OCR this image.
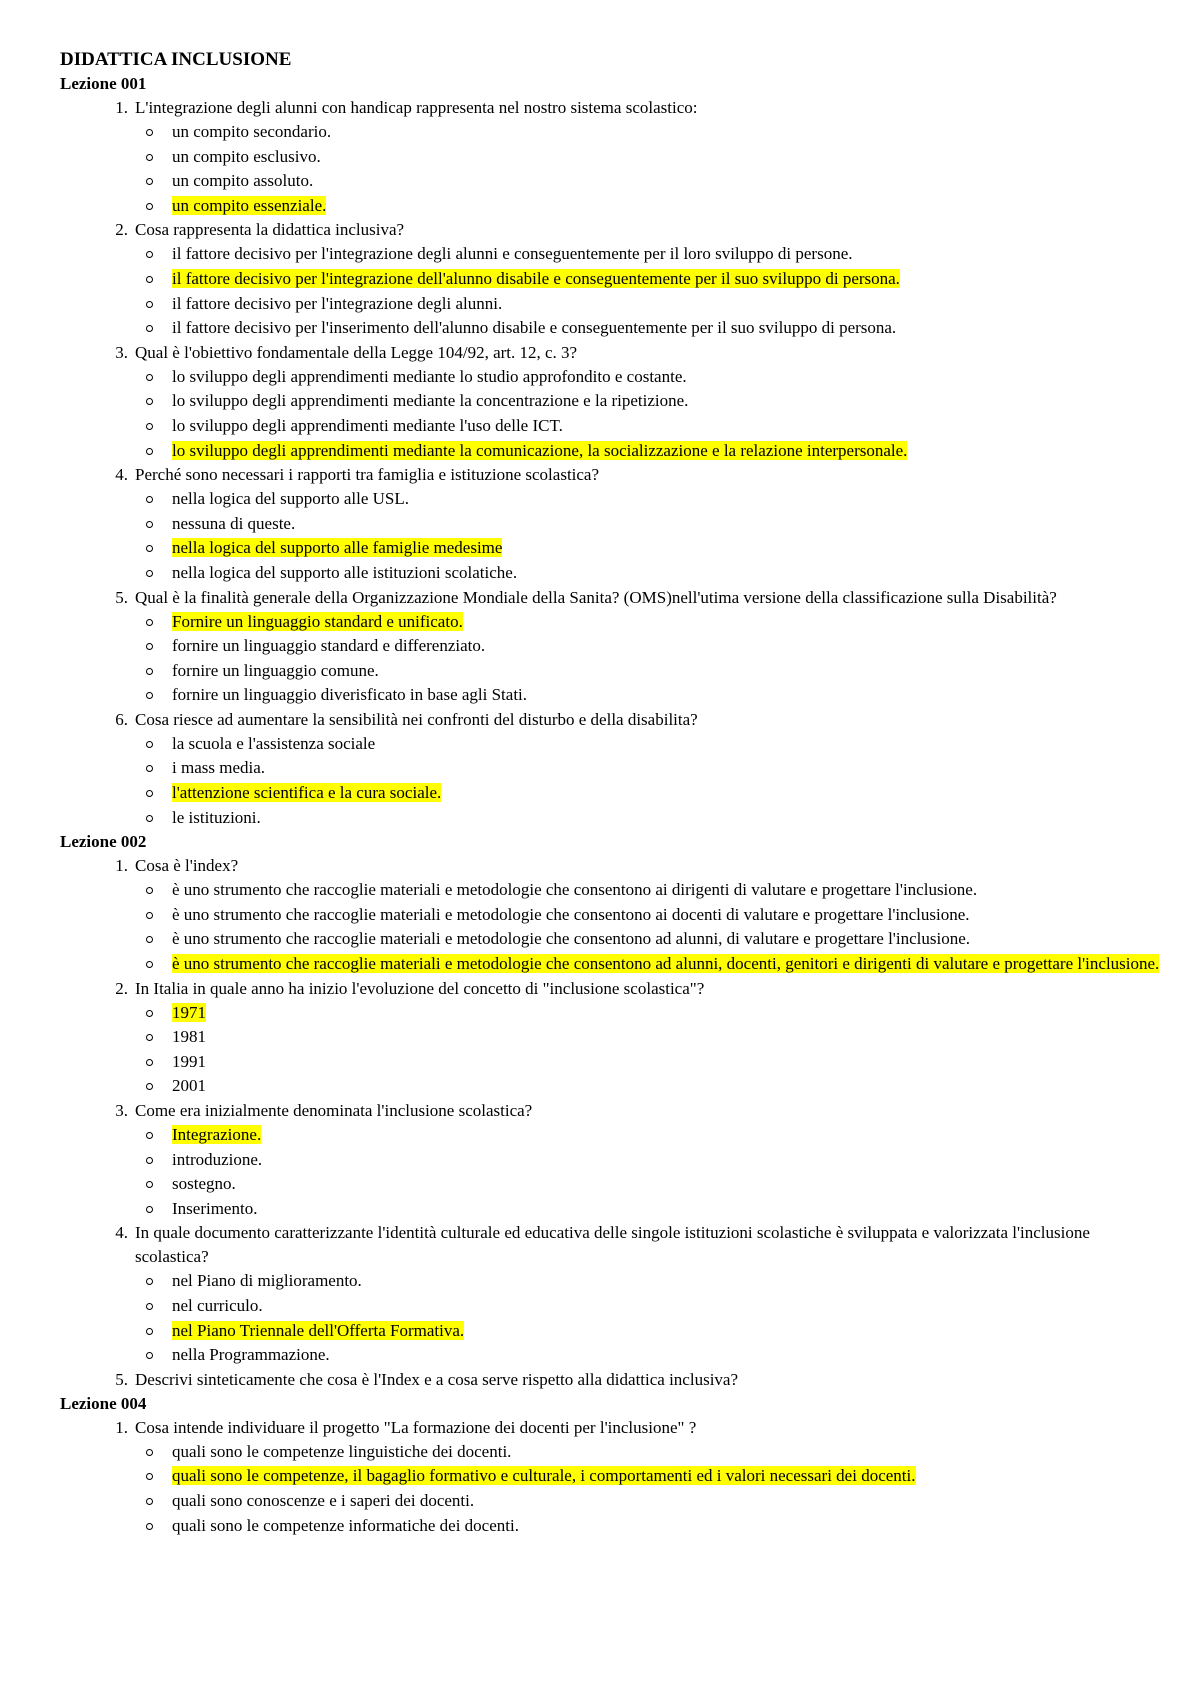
DIDATTICA INCLUSIONE
Lezione 001
1. L'integrazione degli alunni con handicap rappresenta nel nostro sistema scolastico:
un compito secondario.
un compito esclusivo.
un compito assoluto.
un compito essenziale.
2. Cosa rappresenta la didattica inclusiva?
il fattore decisivo per l'integrazione degli alunni e conseguentemente per il loro sviluppo di persone.
il fattore decisivo per l'integrazione dell'alunno disabile e conseguentemente per il suo sviluppo di persona.
il fattore decisivo per l'integrazione degli alunni.
il fattore decisivo per l'inserimento dell'alunno disabile e conseguentemente per il suo sviluppo di persona.
3. Qual è l'obiettivo fondamentale della Legge 104/92, art. 12, c. 3?
lo sviluppo degli apprendimenti mediante lo studio approfondito e costante.
lo sviluppo degli apprendimenti mediante la concentrazione e la ripetizione.
lo sviluppo degli apprendimenti mediante l'uso delle ICT.
lo sviluppo degli apprendimenti mediante la comunicazione, la socializzazione e la relazione interpersonale.
4. Perché sono necessari i rapporti tra famiglia e istituzione scolastica?
nella logica del supporto alle USL.
nessuna di queste.
nella logica del supporto alle famiglie medesime
nella logica del supporto alle istituzioni scolatiche.
5. Qual è la finalità generale della Organizzazione Mondiale della Sanita? (OMS)nell'utima versione della classificazione sulla Disabilità?
Fornire un linguaggio standard e unificato.
fornire un linguaggio standard e differenziato.
fornire un linguaggio comune.
fornire un linguaggio diverisficato in base agli Stati.
6. Cosa riesce ad aumentare la sensibilità nei confronti del disturbo e della disabilita?
la scuola e l'assistenza sociale
i mass media.
l'attenzione scientifica e la cura sociale.
le istituzioni.
Lezione 002
1. Cosa è l'index?
è uno strumento che raccoglie materiali e metodologie che consentono ai dirigenti di valutare e progettare l'inclusione.
è uno strumento che raccoglie materiali e metodologie che consentono ai docenti di valutare e progettare l'inclusione.
è uno strumento che raccoglie materiali e metodologie che consentono ad alunni, di valutare e progettare l'inclusione.
è uno strumento che raccoglie materiali e metodologie che consentono ad alunni, docenti, genitori e dirigenti di valutare e progettare l'inclusione.
2. In Italia in quale anno ha inizio l'evoluzione del concetto di "inclusione scolastica"?
1971
1981
1991
2001
3. Come era inizialmente denominata l'inclusione scolastica?
Integrazione.
introduzione.
sostegno.
Inserimento.
4. In quale documento caratterizzante l'identità culturale ed educativa delle singole istituzioni scolastiche è sviluppata e valorizzata l'inclusione scolastica?
nel Piano di miglioramento.
nel curriculo.
nel Piano Triennale dell'Offerta Formativa.
nella Programmazione.
5. Descrivi sinteticamente che cosa è l'Index e a cosa serve rispetto alla didattica inclusiva?
Lezione 004
1. Cosa intende individuare il progetto "La formazione dei docenti per l'inclusione" ?
quali sono le competenze linguistiche dei docenti.
quali sono le competenze, il bagaglio formativo e culturale, i comportamenti ed i valori necessari dei docenti.
quali sono conoscenze e i saperi dei docenti.
quali sono le competenze informatiche dei docenti.
